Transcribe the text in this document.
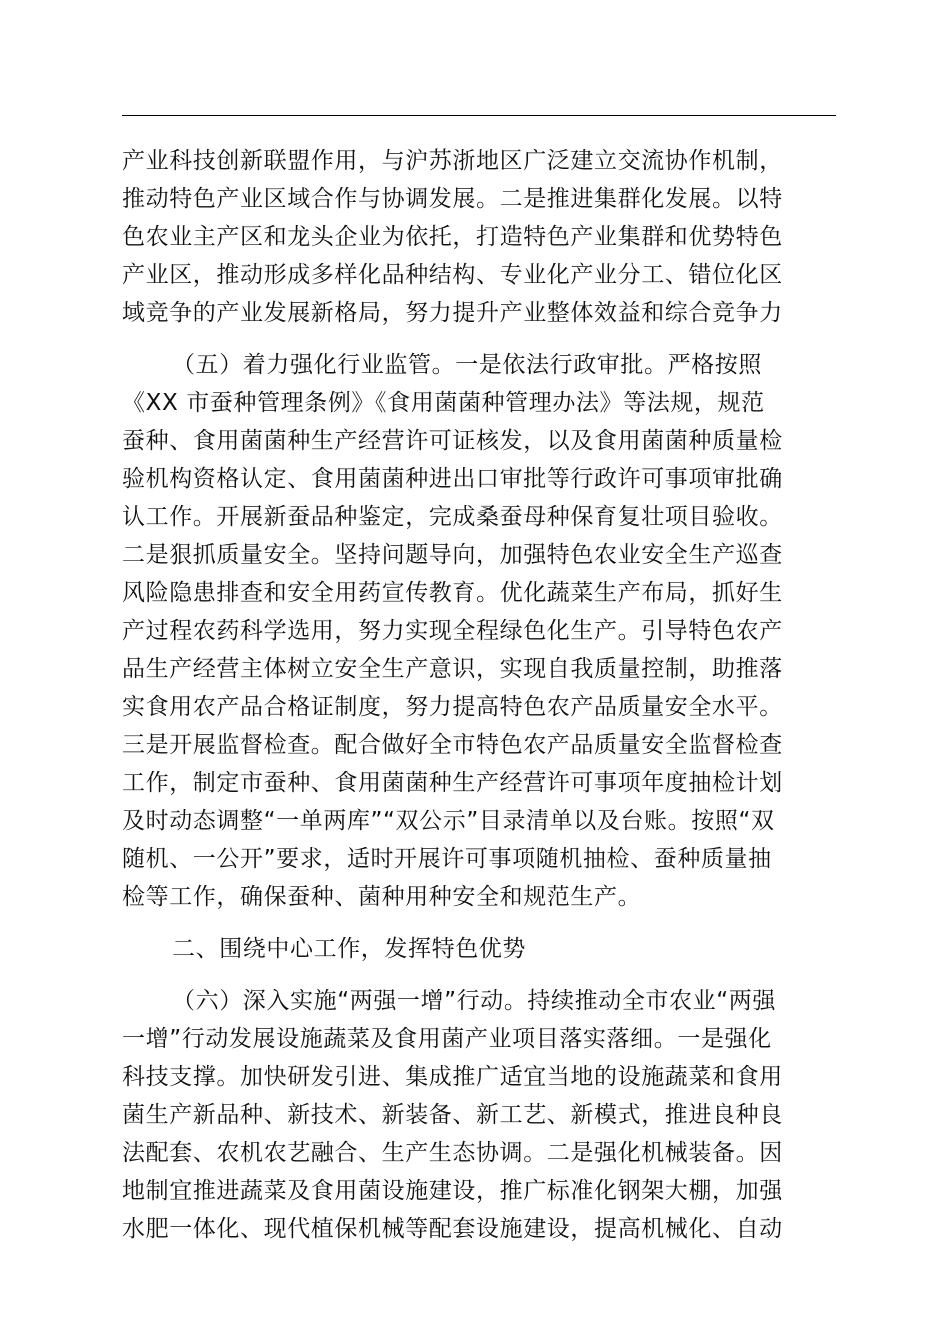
产业科技创新联盟作用，与沪苏浙地区广泛建立交流协作机制，
推动特色产业区域合作与协调发展。二是推进集群化发展。以特
色农业主产区和龙头企业为依托，打造特色产业集群和优势特色
产业区，推动形成多样化品种结构、专业化产业分工、错位化区
域竞争的产业发展新格局，努力提升产业整体效益和综合竞争力

（五）着力强化行业监管。一是依法行政审批。严格按照
《XX 市蚕种管理条例》《食用菌菌种管理办法》等法规，规范
蚕种、食用菌菌种生产经营许可证核发，以及食用菌菌种质量检
验机构资格认定、食用菌菌种进出口审批等行政许可事项审批确
认工作。开展新蚕品种鉴定，完成桑蚕母种保育复壮项目验收。
二是狠抓质量安全。坚持问题导向，加强特色农业安全生产巡查
风险隐患排查和安全用药宣传教育。优化蔬菜生产布局，抓好生
产过程农药科学选用，努力实现全程绿色化生产。引导特色农产
品生产经营主体树立安全生产意识，实现自我质量控制，助推落
实食用农产品合格证制度，努力提高特色农产品质量安全水平。
三是开展监督检查。配合做好全市特色农产品质量安全监督检查
工作，制定市蚕种、食用菌菌种生产经营许可事项年度抽检计划
及时动态调整“一单两库”“双公示”目录清单以及台账。按照“双
随机、一公开”要求，适时开展许可事项随机抽检、蚕种质量抽
检等工作，确保蚕种、菌种用种安全和规范生产。

二、围绕中心工作，发挥特色优势

（六）深入实施“两强一增”行动。持续推动全市农业“两强
一增”行动发展设施蔬菜及食用菌产业项目落实落细。一是强化
科技支撑。加快研发引进、集成推广适宜当地的设施蔬菜和食用
菌生产新品种、新技术、新装备、新工艺、新模式，推进良种良
法配套、农机农艺融合、生产生态协调。二是强化机械装备。因
地制宜推进蔬菜及食用菌设施建设，推广标准化钢架大棚，加强
水肥一体化、现代植保机械等配套设施建设，提高机械化、自动
